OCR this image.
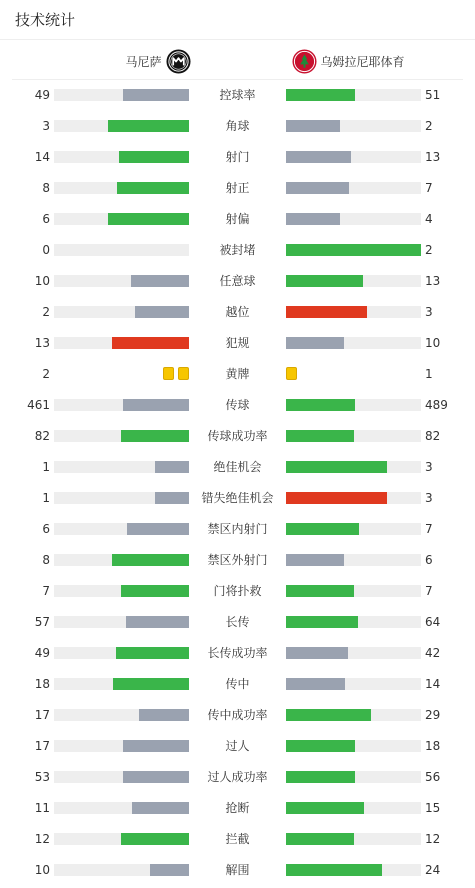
技术统计
马尼萨	乌姆拉尼耶体育
49	控球率	51
3	角球	2
14	射门	13
8	射正	7
6	射偏	4
0	被封堵	2
10	任意球	13
2	越位	3
13	犯规	10
2	黄牌	1
461	传球	489
82	传球成功率	82
1	绝佳机会	3
1	错失绝佳机会	3
6	禁区内射门	7
8	禁区外射门	6
7	门将扑救	7
57	长传	64
49	长传成功率	42
18	传中	14
17	传中成功率	29
17	过人	18
53	过人成功率	56
11	抢断	15
12	拦截	12
10	解围	24
